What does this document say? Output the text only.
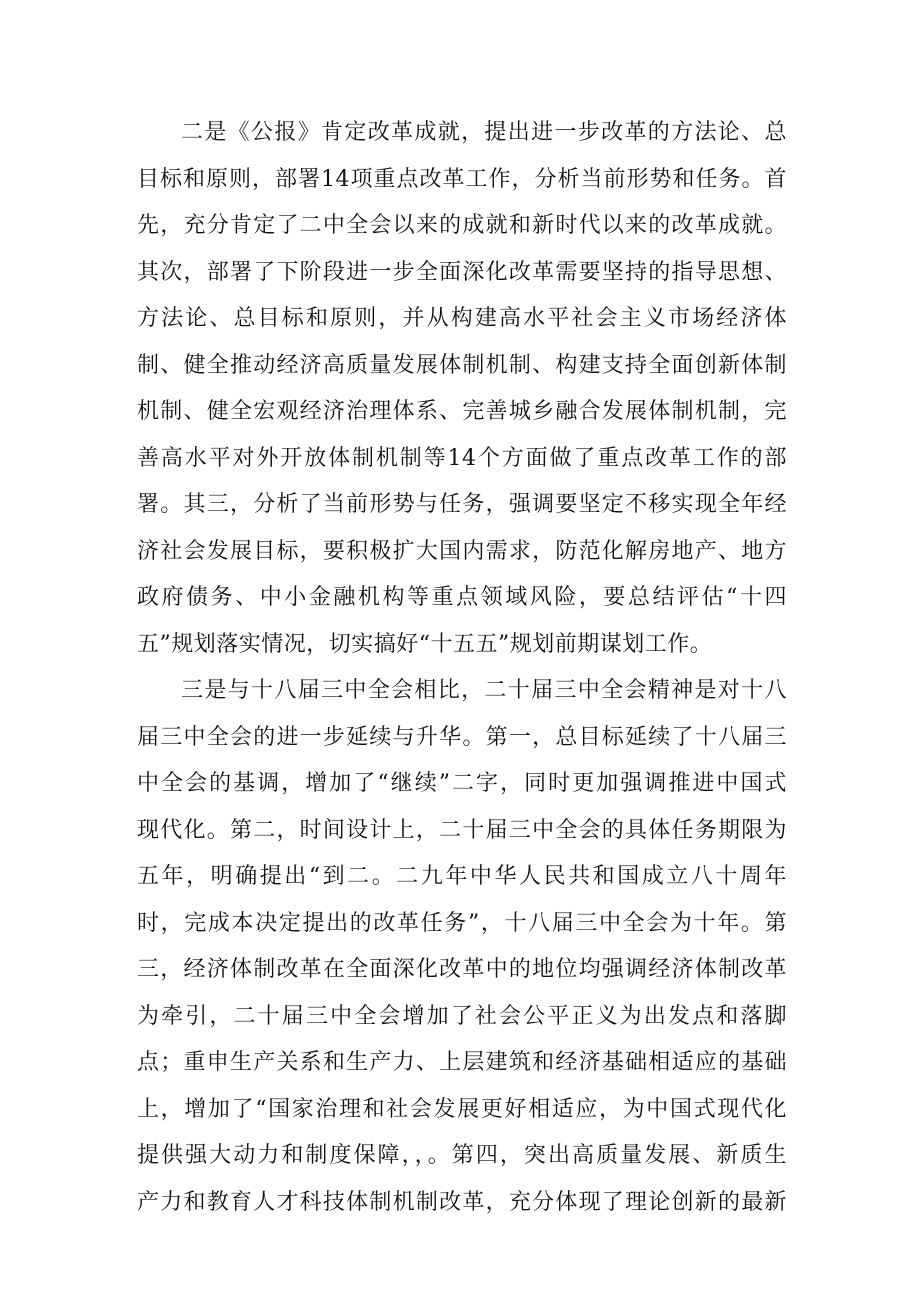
二是《公报》肯定改革成就，提出进一步改革的方法论、总
目标和原则，部署14项重点改革工作，分析当前形势和任务。首
先，充分肯定了二中全会以来的成就和新时代以来的改革成就。
其次，部署了下阶段进一步全面深化改革需要坚持的指导思想、
方法论、总目标和原则，并从构建高水平社会主义市场经济体
制、健全推动经济高质量发展体制机制、构建支持全面创新体制
机制、健全宏观经济治理体系、完善城乡融合发展体制机制，完
善高水平对外开放体制机制等14个方面做了重点改革工作的部
署。其三，分析了当前形势与任务，强调要坚定不移实现全年经
济社会发展目标，要积极扩大国内需求，防范化解房地产、地方
政府债务、中小金融机构等重点领域风险，要总结评估“十四
五”规划落实情况，切实搞好“十五五”规划前期谋划工作。
三是与十八届三中全会相比，二十届三中全会精神是对十八
届三中全会的进一步延续与升华。第一，总目标延续了十八届三
中全会的基调，增加了“继续”二字，同时更加强调推进中国式
现代化。第二，时间设计上，二十届三中全会的具体任务期限为
五年，明确提出“到二。二九年中华人民共和国成立八十周年
时，完成本决定提出的改革任务”，十八届三中全会为十年。第
三，经济体制改革在全面深化改革中的地位均强调经济体制改革
为牵引，二十届三中全会增加了社会公平正义为出发点和落脚
点；重申生产关系和生产力、上层建筑和经济基础相适应的基础
上，增加了“国家治理和社会发展更好相适应，为中国式现代化
提供强大动力和制度保障，，。第四，突出高质量发展、新质生
产力和教育人才科技体制机制改革，充分体现了理论创新的最新
